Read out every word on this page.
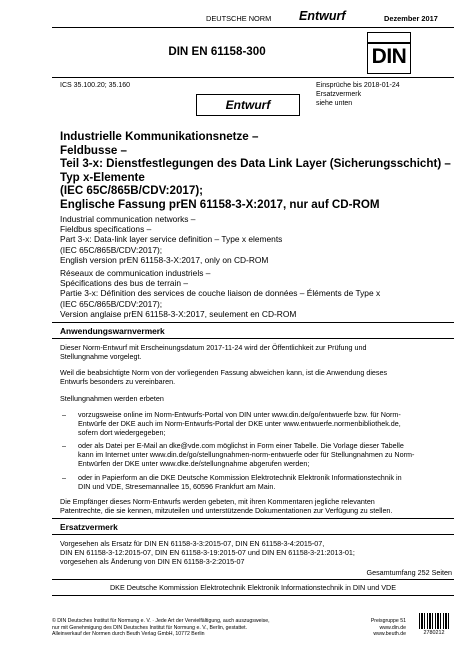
DEUTSCHE NORM Entwurf	Dezember 2017
DIN EN 61158-300	DIN
ICS 35.100.20; 35.160	Einsprüche bis 2018-01-24
Ersatzvermerk
siehe unten
Entwurf
Industrielle Kommunikationsnetze –
Feldbusse –
Teil 3-x: Dienstfestlegungen des Data Link Layer (Sicherungsschicht) –
Typ x-Elemente
(IEC 65C/865B/CDV:2017);
Englische Fassung prEN 61158-3-X:2017, nur auf CD-ROM
Industrial communication networks –
Fieldbus specifications –
Part 3-x: Data-link layer service definition – Type x elements
(IEC 65C/865B/CDV:2017);
English version prEN 61158-3-X:2017, only on CD-ROM
Réseaux de communication industriels –
Spécifications des bus de terrain –
Partie 3-x: Définition des services de couche liaison de données – Éléments de Type x
(IEC 65C/865B/CDV:2017);
Version anglaise prEN 61158-3-X:2017, seulement en CD-ROM
Anwendungswarnvermerk
Dieser Norm-Entwurf mit Erscheinungsdatum 2017-11-24 wird der Öffentlichkeit zur Prüfung und
Stellungnahme vorgelegt.
Weil die beabsichtigte Norm von der vorliegenden Fassung abweichen kann, ist die Anwendung dieses
Entwurfs besonders zu vereinbaren.
Stellungnahmen werden erbeten
–	vorzugsweise online im Norm-Entwurfs-Portal von DIN unter www.din.de/go/entwuerfe bzw. für Norm-
Entwürfe der DKE auch im Norm-Entwurfs-Portal der DKE unter www.entwuerfe.normenbibliothek.de,
sofern dort wiedergegeben;
–	oder als Datei per E-Mail an dke@vde.com möglichst in Form einer Tabelle. Die Vorlage dieser Tabelle
kann im Internet unter www.din.de/go/stellungnahmen-norm-entwuerfe oder für Stellungnahmen zu Norm-
Entwürfen der DKE unter www.dke.de/stellungnahme abgerufen werden;
–	oder in Papierform an die DKE Deutsche Kommission Elektrotechnik Elektronik Informationstechnik in
DIN und VDE, Stresemannallee 15, 60596 Frankfurt am Main.
Die Empfänger dieses Norm-Entwurfs werden gebeten, mit ihren Kommentaren jegliche relevanten
Patentrechte, die sie kennen, mitzuteilen und unterstützende Dokumentationen zur Verfügung zu stellen.
Ersatzvermerk
Vorgesehen als Ersatz für DIN EN 61158-3-3:2015-07, DIN EN 61158-3-4:2015-07,
DIN EN 61158-3-12:2015-07, DIN EN 61158-3-19:2015-07 und DIN EN 61158-3-21:2013-01;
vorgesehen als Änderung von DIN EN 61158-3-2:2015-07
Gesamtumfang 252 Seiten
DKE Deutsche Kommission Elektrotechnik Elektronik Informationstechnik in DIN und VDE
© DIN Deutsches Institut für Normung e. V. · Jede Art der Vervielfältigung, auch auszugsweise,
nur mit Genehmigung des DIN Deutsches Institut für Normung e. V., Berlin, gestattet.
Alleinverkauf der Normen durch Beuth Verlag GmbH, 10772 Berlin
Preisgruppe 51
www.din.de
www.beuth.de	2780212
